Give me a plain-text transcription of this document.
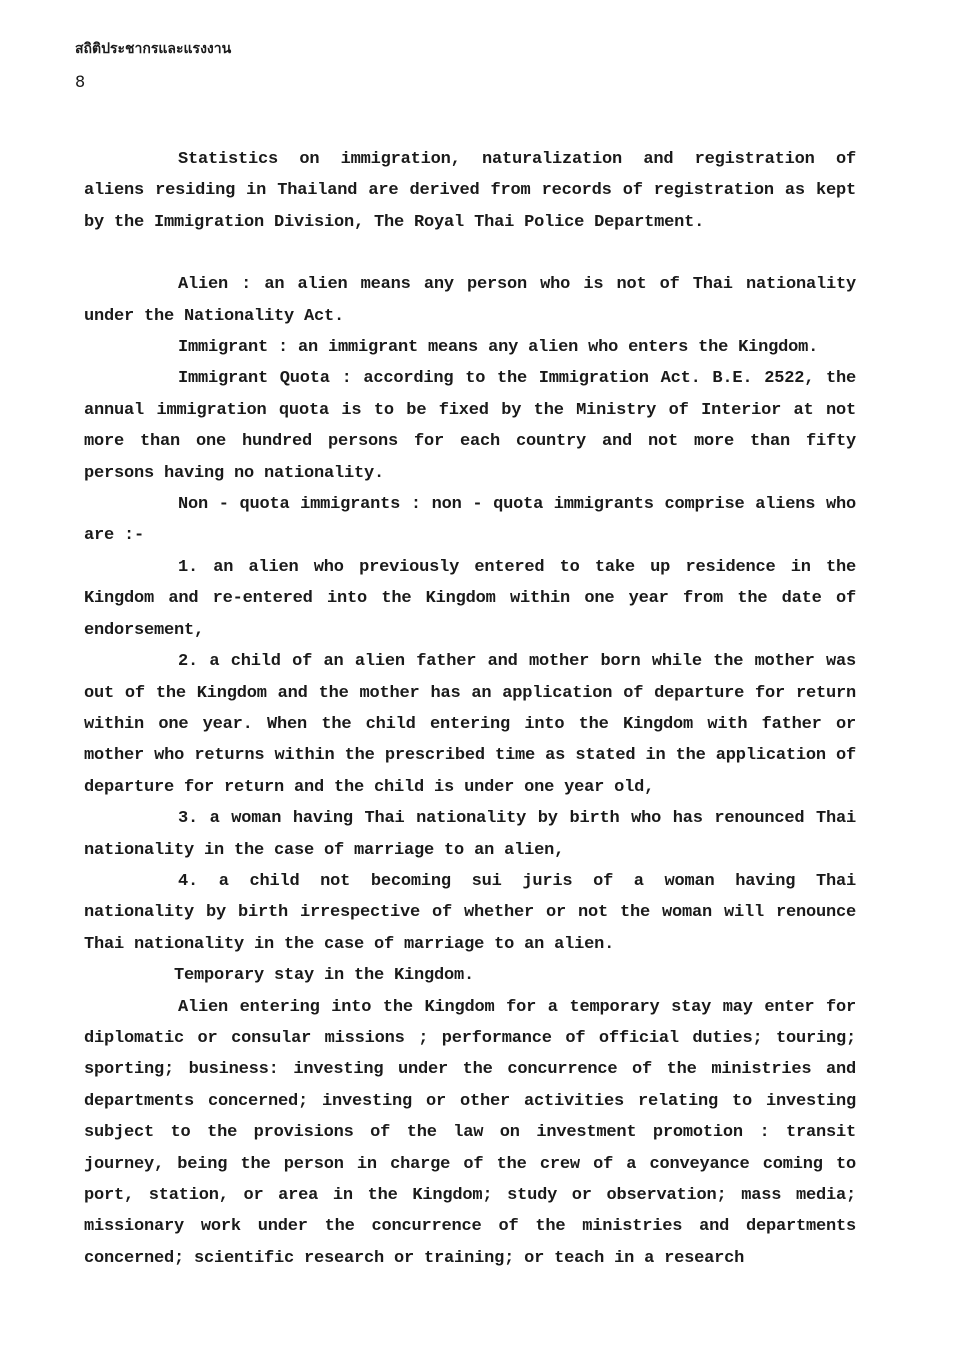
สถิติประชากรและแรงงาน
8

Statistics on immigration, naturalization and registration of aliens residing in Thailand are derived from records of registration as kept by the Immigration Division, The Royal Thai Police Department.

Alien : an alien means any person who is not of Thai nationality under the Nationality Act.

Immigrant : an immigrant means any alien who enters the Kingdom.

Immigrant Quota : according to the Immigration Act. B.E. 2522, the annual immigration quota is to be fixed by the Ministry of Interior at not more than one hundred persons for each country and not more than fifty persons having no nationality.

Non - quota immigrants : non - quota immigrants comprise aliens who are :-

1. an alien who previously entered to take up residence in the Kingdom and re-entered into the Kingdom within one year from the date of endorsement,

2. a child of an alien father and mother born while the mother was out of the Kingdom and the mother has an application of departure for return within one year. When the child entering into the Kingdom with father or mother who returns within the prescribed time as stated in the application of departure for return and the child is under one year old,

3. a woman having Thai nationality by birth who has renounced Thai nationality in the case of marriage to an alien,

4. a child not becoming sui juris of a woman having Thai nationality by birth irrespective of whether or not the woman will renounce Thai nationality in the case of marriage to an alien.

Temporary stay in the Kingdom.

Alien entering into the Kingdom for a temporary stay may enter for diplomatic or consular missions ; performance of official duties; touring; sporting; business: investing under the concurrence of the ministries and departments concerned; investing or other activities relating to investing subject to the provisions of the law on investment promotion : transit journey, being the person in charge of the crew of a conveyance coming to port, station, or area in the Kingdom; study or observation; mass media; missionary work under the concurrence of the ministries and departments concerned; scientific research or training; or teach in a research
